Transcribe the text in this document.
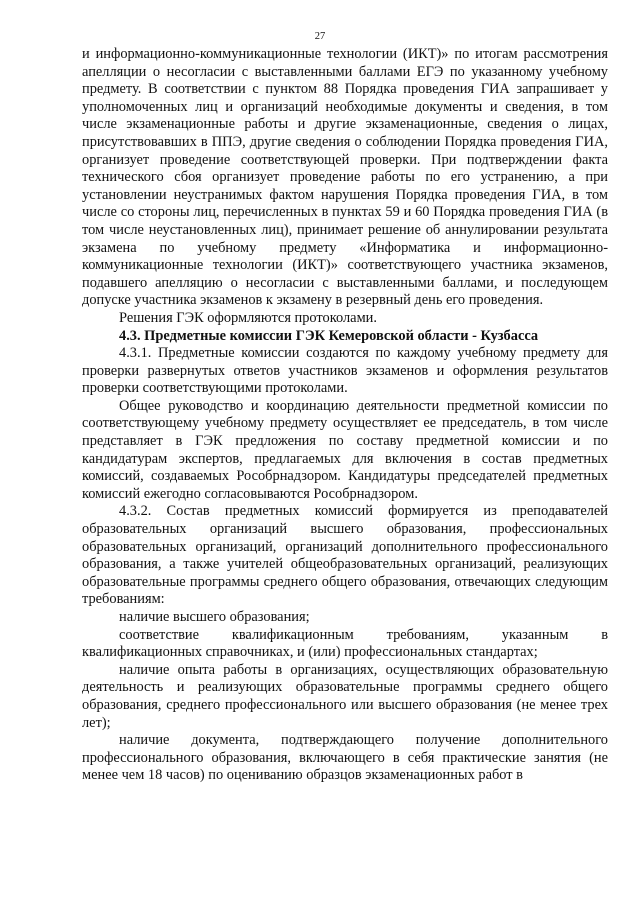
27

и информационно-коммуникационные технологии (ИКТ)» по итогам рассмотрения апелляции о несогласии с выставленными баллами ЕГЭ по указанному учебному предмету. В соответствии с пунктом 88 Порядка проведения ГИА запрашивает у уполномоченных лиц и организаций необходимые документы и сведения, в том числе экзаменационные работы и другие экзаменационные, сведения о лицах, присутствовавших в ППЭ, другие сведения о соблюдении Порядка проведения ГИА, организует проведение соответствующей проверки. При подтверждении факта технического сбоя организует проведение работы по его устранению, а при установлении неустранимых фактом нарушения Порядка проведения ГИА, в том числе со стороны лиц, перечисленных в пунктах 59 и 60 Порядка проведения ГИА (в том числе неустановленных лиц), принимает решение об аннулировании результата экзамена по учебному предмету «Информатика и информационно-коммуникационные технологии (ИКТ)» соответствующего участника экзаменов, подавшего апелляцию о несогласии с выставленными баллами, и последующем допуске участника экзаменов к экзамену в резервный день его проведения.

Решения ГЭК оформляются протоколами.

4.3. Предметные комиссии ГЭК Кемеровской области - Кузбасса

4.3.1. Предметные комиссии создаются по каждому учебному предмету для проверки развернутых ответов участников экзаменов и оформления результатов проверки соответствующими протоколами.

Общее руководство и координацию деятельности предметной комиссии по соответствующему учебному предмету осуществляет ее председатель, в том числе представляет в ГЭК предложения по составу предметной комиссии и по кандидатурам экспертов, предлагаемых для включения в состав предметных комиссий, создаваемых Рособрнадзором. Кандидатуры председателей предметных комиссий ежегодно согласовываются Рособрнадзором.

4.3.2. Состав предметных комиссий формируется из преподавателей образовательных организаций высшего образования, профессиональных образовательных организаций, организаций дополнительного профессионального образования, а также учителей общеобразовательных организаций, реализующих образовательные программы среднего общего образования, отвечающих следующим требованиям:

наличие высшего образования;

соответствие квалификационным требованиям, указанным в квалификационных справочниках, и (или) профессиональных стандартах;

наличие опыта работы в организациях, осуществляющих образовательную деятельность и реализующих образовательные программы среднего общего образования, среднего профессионального или высшего образования (не менее трех лет);

наличие документа, подтверждающего получение дополнительного профессионального образования, включающего в себя практические занятия (не менее чем 18 часов) по оцениванию образцов экзаменационных работ в
